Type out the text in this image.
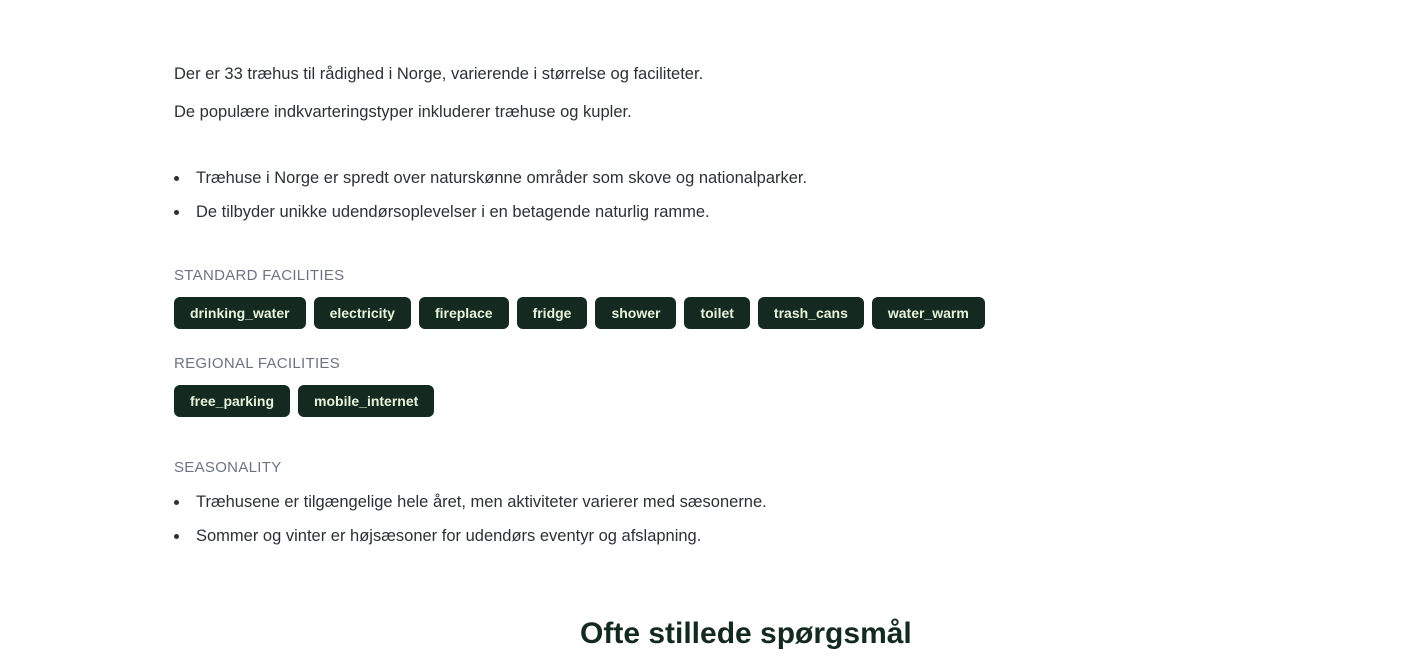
Der er 33 træhus til rådighed i Norge, varierende i størrelse og faciliteter.
De populære indkvarteringstyper inkluderer træhuse og kupler.
Træhuse i Norge er spredt over naturskønne områder som skove og nationalparker.
De tilbyder unikke udendørsoplevelser i en betagende naturlig ramme.
STANDARD FACILITIES
drinking_water	electricity	fireplace	fridge	shower	toilet	trash_cans	water_warm
REGIONAL FACILITIES
free_parking	mobile_internet
SEASONALITY
Træhusene er tilgængelige hele året, men aktiviteter varierer med sæsonerne.
Sommer og vinter er højsæsoner for udendørs eventyr og afslapning.
Ofte stillede spørgsmål
